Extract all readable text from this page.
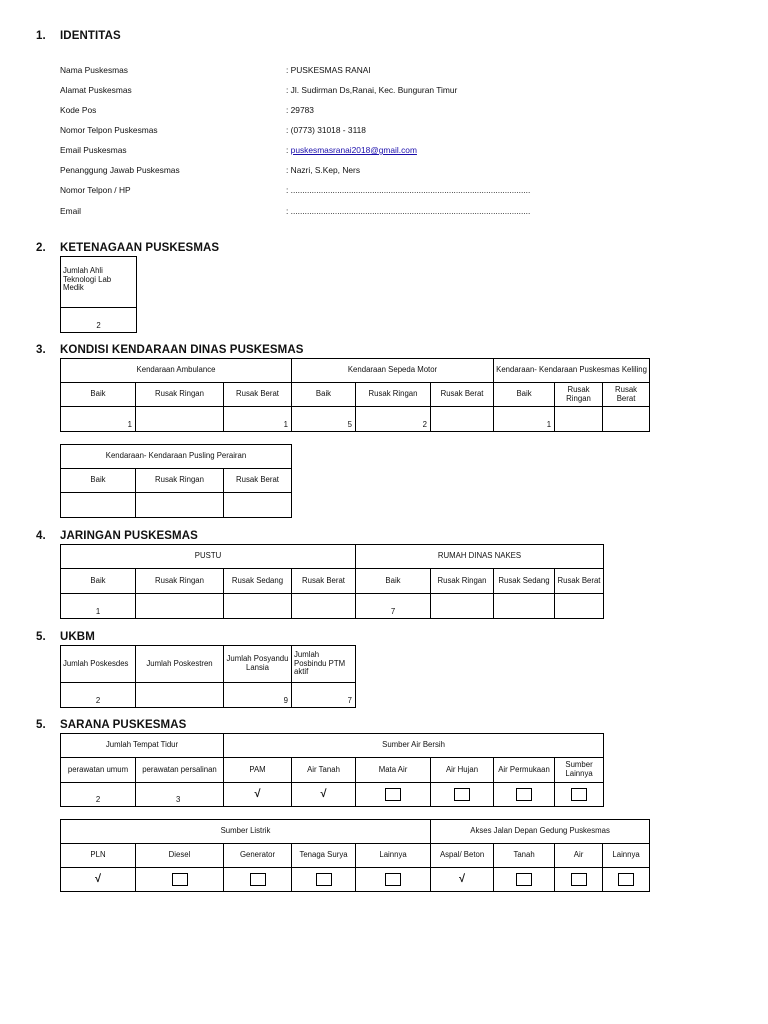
1.	IDENTITAS
Nama Puskesmas	: PUSKESMAS RANAI
Alamat Puskesmas	: Jl. Sudirman Ds,Ranai, Kec. Bunguran Timur
Kode Pos	: 29783
Nomor Telpon Puskesmas	: (0773) 31018 - 3118
Email Puskesmas	: puskesmasranai2018@gmail.com
Penanggung Jawab Puskesmas	: Nazri, S.Kep, Ners
Nomor Telpon / HP	: .......................................................................................................
Email	: .......................................................................................................
2.	KETENAGAAN PUSKESMAS
Jumlah Ahli Teknologi Lab Medik
2
3.	KONDISI KENDARAAN DINAS PUSKESMAS
Kendaraan Ambulance			Kendaraan Sepeda Motor			Kendaraan- Kendaraan Puskesmas Keliling		
Baik	Rusak Ringan	Rusak Berat	Baik	Rusak Ringan	Rusak Berat	Baik	Rusak Ringan	Rusak Berat
1		1	5	2		1		
Kendaraan- Kendaraan Pusling Perairan		
Baik	Rusak Ringan	Rusak Berat

4.	JARINGAN PUSKESMAS
PUSTU				RUMAH DINAS NAKES			
Baik	Rusak Ringan	Rusak Sedang	Rusak Berat	Baik	Rusak Ringan	Rusak Sedang	Rusak Berat
1				7			
5.	UKBM
Jumlah Poskesdes	Jumlah Poskestren	Jumlah Posyandu Lansia	Jumlah Posbindu PTM aktif
2		9	7
5.	SARANA PUSKESMAS
Jumlah Tempat Tidur		Sumber Air Bersih					
perawatan umum	perawatan persalinan	PAM	Air Tanah	Mata Air	Air Hujan	Air Permukaan	Sumber Lainnya
2	3	√	√				
Sumber Listrik					Akses Jalan Depan Gedung Puskesmas			
PLN	Diesel	Generator	Tenaga Surya	Lainnya	Aspal/ Beton	Tanah	Air	Lainnya
√					√			
